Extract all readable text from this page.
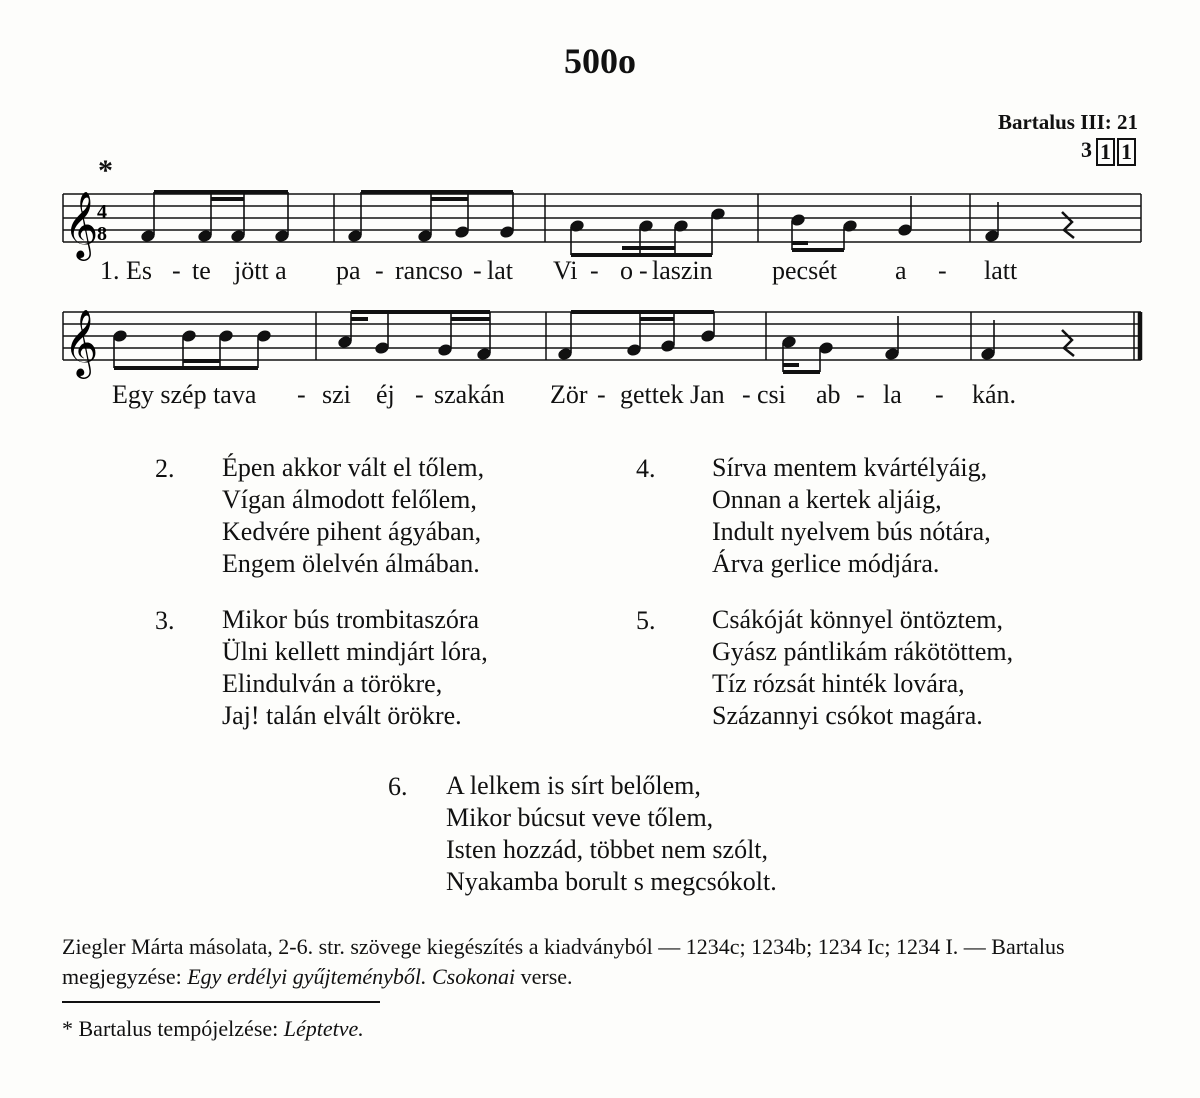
500o
Bartalus III: 21
3 1 1
*
𝄞
4
8
1. Es - te jött a pa - rancso - lat Vi - o - laszin pecsét a - latt
𝄞
Egy szép tava - szi éj - szakán Zör - gettek Jan - csi ab - la - kán.
2. Épen akkor vált el tőlem,
Vígan álmodott felőlem,
Kedvére pihent ágyában,
Engem ölelvén álmában.
4. Sírva mentem kvártélyáig,
Onnan a kertek aljáig,
Indult nyelvem bús nótára,
Árva gerlice módjára.
3. Mikor bús trombitaszóra
Ülni kellett mindjárt lóra,
Elindulván a törökre,
Jaj! talán elvált örökre.
5. Csákóját könnyel öntöztem,
Gyász pántlikám rákötöttem,
Tíz rózsát hinték lovára,
Százannyi csókot magára.
6. A lelkem is sírt belőlem,
Mikor búcsut veve tőlem,
Isten hozzád, többet nem szólt,
Nyakamba borult s megcsókolt.
Ziegler Márta másolata, 2-6. str. szövege kiegészítés a kiadványból — 1234c; 1234b; 1234 Ic; 1234 I. — Bartalus megjegyzése: Egy erdélyi gyűjteményből. Csokonai verse.
* Bartalus tempójelzése: Léptetve.
